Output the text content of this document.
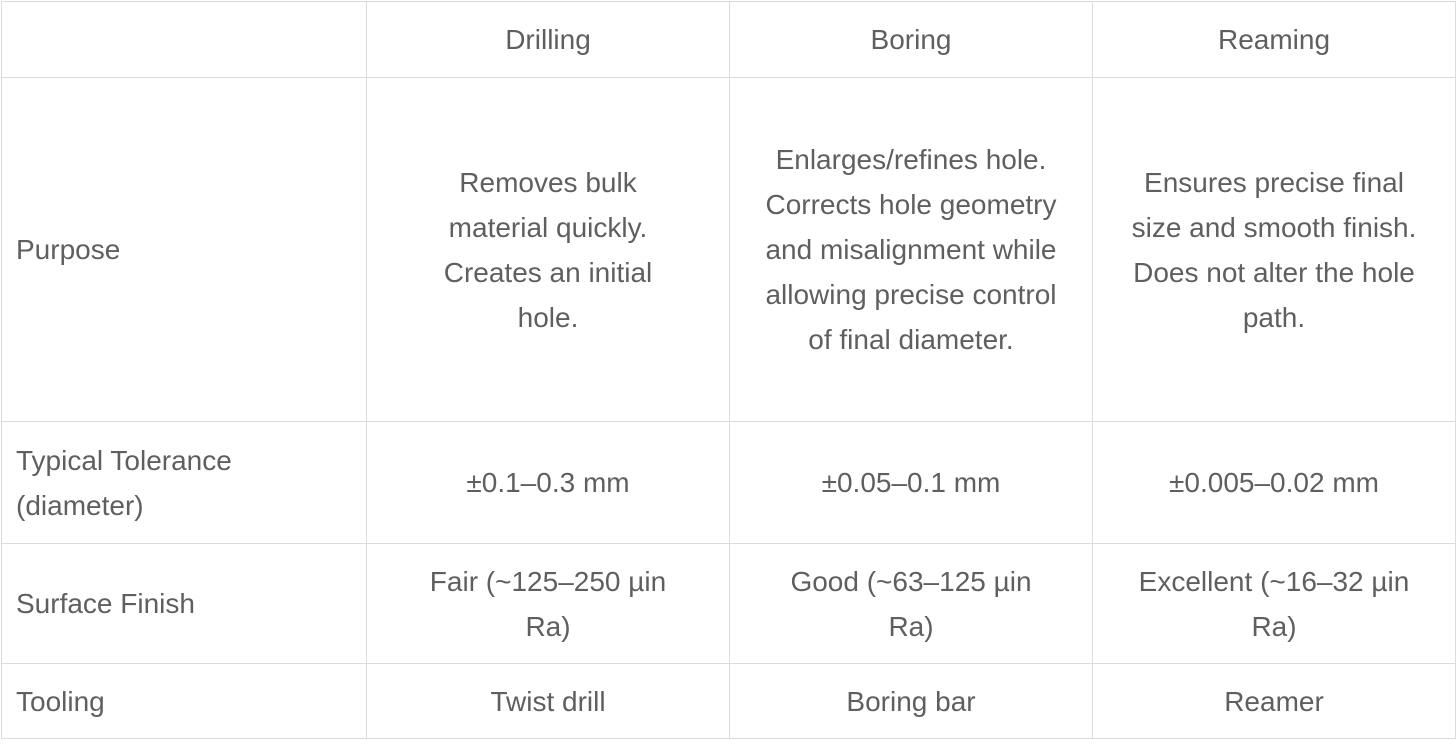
	Drilling	Boring	Reaming
Purpose	Removes bulk material quickly. Creates an initial hole.	Enlarges/refines hole. Corrects hole geometry and misalignment while allowing precise control of final diameter.	Ensures precise final size and smooth finish. Does not alter the hole path.
Typical Tolerance (diameter)	±0.1–0.3 mm	±0.05–0.1 mm	±0.005–0.02 mm
Surface Finish	Fair (~125–250 µin Ra)	Good (~63–125 µin Ra)	Excellent (~16–32 µin Ra)
Tooling	Twist drill	Boring bar	Reamer
